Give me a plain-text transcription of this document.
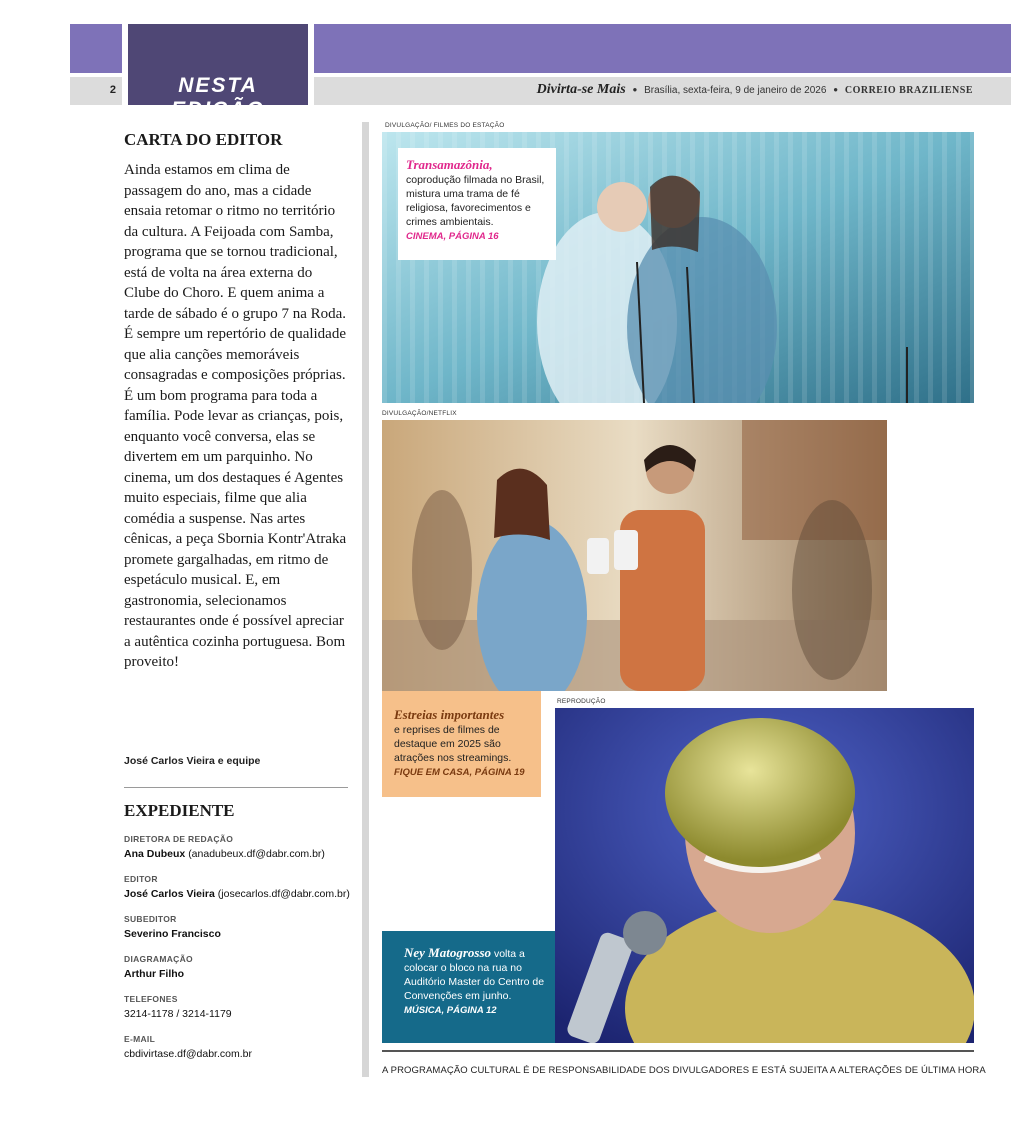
2	NESTA EDIÇÃO
Divirta-se Mais ● Brasília, sexta-feira, 9 de janeiro de 2026 ● CORREIO BRAZILIENSE
CARTA DO EDITOR

Ainda estamos em clima de passagem do ano, mas a cidade ensaia retomar o ritmo no território da cultura. A Feijoada com Samba, programa que se tornou tradicional, está de volta na área externa do Clube do Choro. E quem anima a tarde de sábado é o grupo 7 na Roda. É sempre um repertório de qualidade que alia canções memoráveis consagradas e composições próprias. É um bom programa para toda a família. Pode levar as crianças, pois, enquanto você conversa, elas se divertem em um parquinho. No cinema, um dos destaques é Agentes muito especiais, filme que alia comédia a suspense. Nas artes cênicas, a peça Sbornia Kontr'Atraka promete gargalhadas, em ritmo de espetáculo musical. E, em gastronomia, selecionamos restaurantes onde é possível apreciar a autêntica cozinha portuguesa. Bom proveito!

José Carlos Vieira e equipe
EXPEDIENTE
DIRETORA DE REDAÇÃO
Ana Dubeux (anadubeux.df@dabr.com.br)
EDITOR
José Carlos Vieira (josecarlos.df@dabr.com.br)
SUBEDITOR
Severino Francisco
DIAGRAMAÇÃO
Arthur Filho
TELEFONES
3214-1178 / 3214-1179
E-MAIL
cbdivirtase.df@dabr.com.br
DIVULGAÇÃO/ FILMES DO ESTAÇÃO
Transamazônia,
coprodução filmada no Brasil, mistura uma trama de fé religiosa, favorecimentos e crimes ambientais.
CINEMA, PÁGINA 16
DIVULGAÇÃO/NETFLIX
Estreias importantes
e reprises de filmes de destaque em 2025 são atrações nos streamings.
FIQUE EM CASA, PÁGINA 19
REPRODUÇÃO
Ney Matogrosso volta a colocar o bloco na rua no Auditório Master do Centro de Convenções em junho.
MÚSICA, PÁGINA 12
A PROGRAMAÇÃO CULTURAL É DE RESPONSABILIDADE DOS DIVULGADORES E ESTÁ SUJEITA A ALTERAÇÕES DE ÚLTIMA HORA
